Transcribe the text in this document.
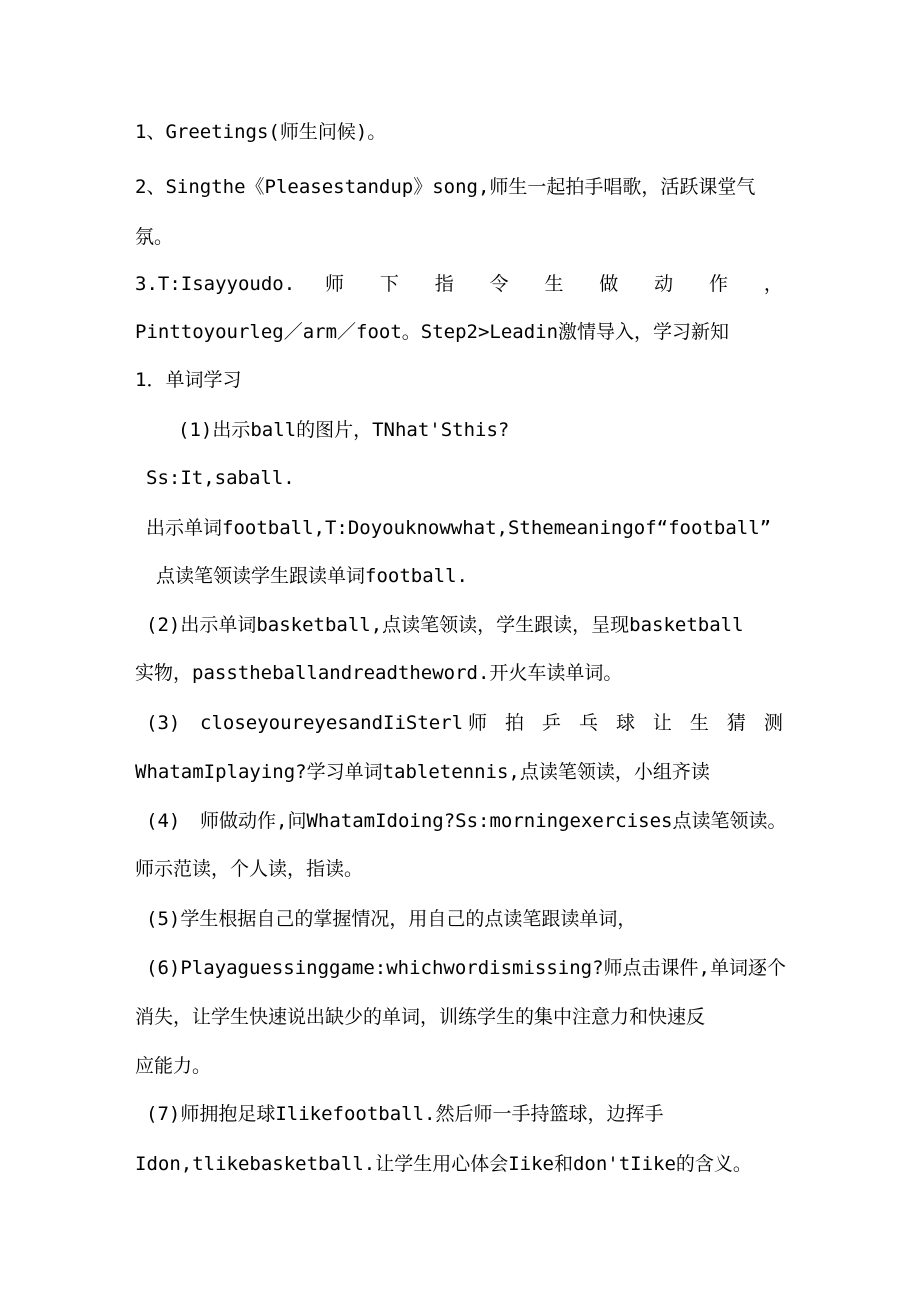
1、Greetings(师生问候)。
2、Singthe《Pleasestandup》song,师生一起拍手唱歌，活跃课堂气
氛。
3.T:Isayyoudo. 师 下 指 令 生 做 动 作 ，
Pinttoyourleg／arm／foot。Step2>Leadin激情导入，学习新知
1．单词学习
(1)出示ball的图片，TNhat'Sthis?
Ss:It,saball.
出示单词football,T:Doyouknowwhat,Sthemeaningof“football”
点读笔领读学生跟读单词football.
(2)出示单词basketball,点读笔领读，学生跟读，呈现basketball
实物，passtheballandreadtheword.开火车读单词。
(3) closeyoureyesandIiSterl 师 拍 乒 乓 球 让 生 猜 测
WhatamIplaying?学习单词tabletennis,点读笔领读，小组齐读
(4) 师做动作,问WhatamIdoing?Ss:morningexercises点读笔领读。
师示范读，个人读，指读。
(5)学生根据自己的掌握情况，用自己的点读笔跟读单词，
(6)Playaguessinggame:whichwordismissing?师点击课件,单词逐个
消失，让学生快速说出缺少的单词，训练学生的集中注意力和快速反
应能力。
(7)师拥抱足球Ilikefootball.然后师一手持篮球，边挥手
Idon,tlikebasketball.让学生用心体会Iike和don'tIike的含义。
